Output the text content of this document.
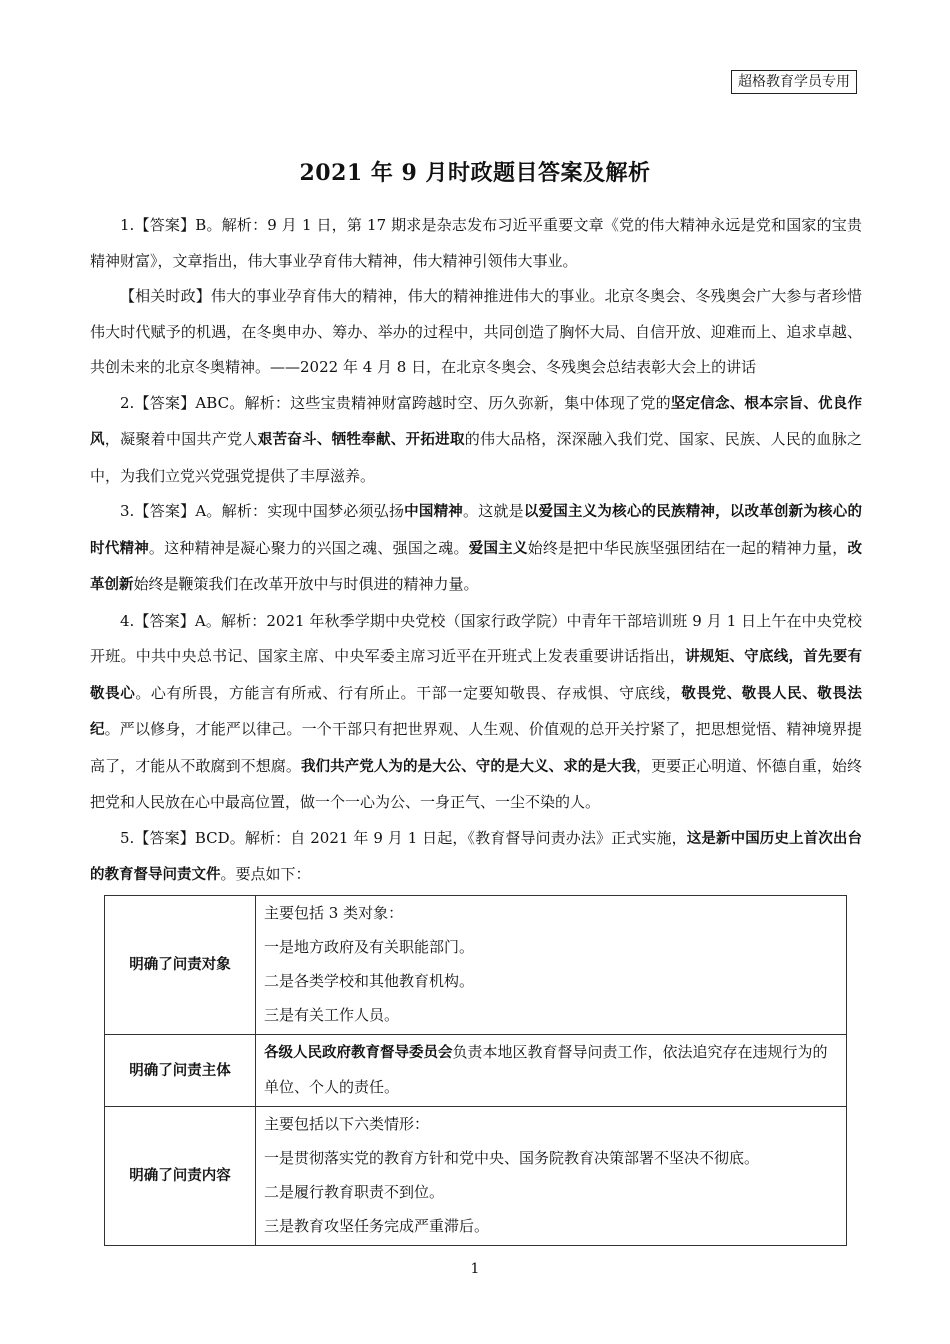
超格教育学员专用
2021 年 9 月时政题目答案及解析

1.【答案】B。解析：9 月 1 日，第 17 期求是杂志发布习近平重要文章《党的伟大精神永远是党和国家的宝贵精神财富》，文章指出，伟大事业孕育伟大精神，伟大精神引领伟大事业。

【相关时政】伟大的事业孕育伟大的精神，伟大的精神推进伟大的事业。北京冬奥会、冬残奥会广大参与者珍惜伟大时代赋予的机遇，在冬奥申办、筹办、举办的过程中，共同创造了胸怀大局、自信开放、迎难而上、追求卓越、共创未来的北京冬奥精神。——2022 年 4 月 8 日，在北京冬奥会、冬残奥会总结表彰大会上的讲话

2.【答案】ABC。解析：这些宝贵精神财富跨越时空、历久弥新，集中体现了党的坚定信念、根本宗旨、优良作风，凝聚着中国共产党人艰苦奋斗、牺牲奉献、开拓进取的伟大品格，深深融入我们党、国家、民族、人民的血脉之中，为我们立党兴党强党提供了丰厚滋养。

3.【答案】A。解析：实现中国梦必须弘扬中国精神。这就是以爱国主义为核心的民族精神，以改革创新为核心的时代精神。这种精神是凝心聚力的兴国之魂、强国之魂。爱国主义始终是把中华民族坚强团结在一起的精神力量，改革创新始终是鞭策我们在改革开放中与时俱进的精神力量。

4.【答案】A。解析：2021 年秋季学期中央党校（国家行政学院）中青年干部培训班 9 月 1 日上午在中央党校开班。中共中央总书记、国家主席、中央军委主席习近平在开班式上发表重要讲话指出，讲规矩、守底线，首先要有敬畏心。心有所畏，方能言有所戒、行有所止。干部一定要知敬畏、存戒惧、守底线，敬畏党、敬畏人民、敬畏法纪。严以修身，才能严以律己。一个干部只有把世界观、人生观、价值观的总开关拧紧了，把思想觉悟、精神境界提高了，才能从不敢腐到不想腐。我们共产党人为的是大公、守的是大义、求的是大我，更要正心明道、怀德自重，始终把党和人民放在心中最高位置，做一个一心为公、一身正气、一尘不染的人。

5.【答案】BCD。解析：自 2021 年 9 月 1 日起，《教育督导问责办法》正式实施，这是新中国历史上首次出台的教育督导问责文件。要点如下：

明确了问责对象	主要包括 3 类对象：
一是地方政府及有关职能部门。
二是各类学校和其他教育机构。
三是有关工作人员。

明确了问责主体	各级人民政府教育督导委员会负责本地区教育督导问责工作，依法追究存在违规行为的单位、个人的责任。
明确了问责内容	主要包括以下六类情形：
一是贯彻落实党的教育方针和党中央、国务院教育决策部署不坚决不彻底。
二是履行教育职责不到位。
三是教育攻坚任务完成严重滞后。
1
